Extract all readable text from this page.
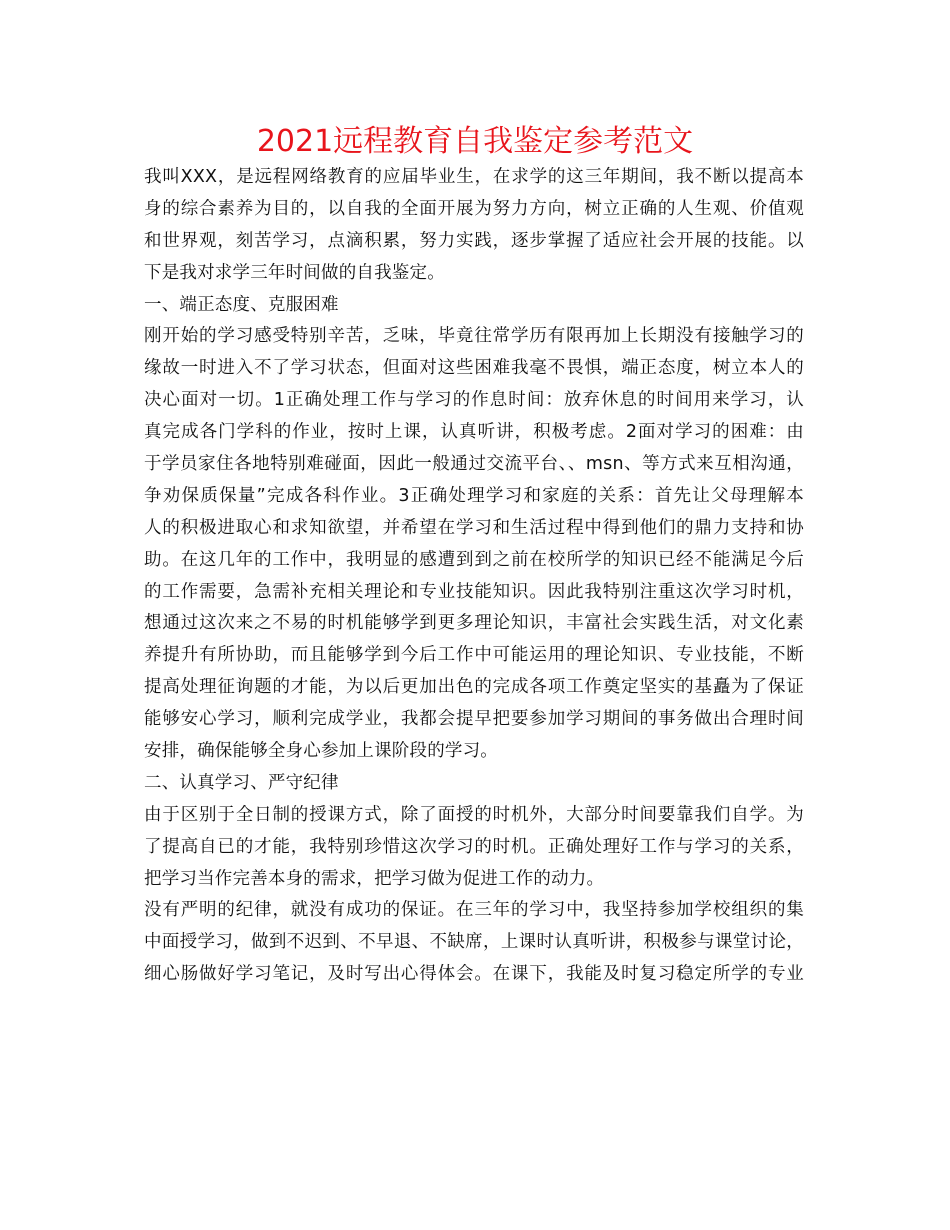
2021远程教育自我鉴定参考范文
我叫XXX，是远程网络教育的应届毕业生，在求学的这三年期间，我不断以提高本
身的综合素养为目的，以自我的全面开展为努力方向，树立正确的人生观、价值观
和世界观，刻苦学习，点滴积累，努力实践，逐步掌握了适应社会开展的技能。以
下是我对求学三年时间做的自我鉴定。
一、端正态度、克服困难
刚开始的学习感受特别辛苦，乏味，毕竟往常学历有限再加上长期没有接触学习的
缘故一时进入不了学习状态，但面对这些困难我毫不畏惧，端正态度，树立本人的
决心面对一切。1正确处理工作与学习的作息时间：放弃休息的时间用来学习，认
真完成各门学科的作业，按时上课，认真听讲，积极考虑。2面对学习的困难：由
于学员家住各地特别难碰面，因此一般通过交流平台、、msn、等方式来互相沟通，
争劝保质保量”完成各科作业。3正确处理学习和家庭的关系：首先让父母理解本
人的积极进取心和求知欲望，并希望在学习和生活过程中得到他们的鼎力支持和协
助。在这几年的工作中，我明显的感遭到到之前在校所学的知识已经不能满足今后
的工作需要，急需补充相关理论和专业技能知识。因此我特别注重这次学习时机，
想通过这次来之不易的时机能够学到更多理论知识，丰富社会实践生活，对文化素
养提升有所协助，而且能够学到今后工作中可能运用的理论知识、专业技能，不断
提高处理征询题的才能，为以后更加出色的完成各项工作奠定坚实的基矗为了保证
能够安心学习，顺利完成学业，我都会提早把要参加学习期间的事务做出合理时间
安排，确保能够全身心参加上课阶段的学习。
二、认真学习、严守纪律
由于区别于全日制的授课方式，除了面授的时机外，大部分时间要靠我们自学。为
了提高自已的才能，我特别珍惜这次学习的时机。正确处理好工作与学习的关系，
把学习当作完善本身的需求，把学习做为促进工作的动力。
没有严明的纪律，就没有成功的保证。在三年的学习中，我坚持参加学校组织的集
中面授学习，做到不迟到、不早退、不缺席，上课时认真听讲，积极参与课堂讨论，
细心肠做好学习笔记，及时写出心得体会。在课下，我能及时复习稳定所学的专业
